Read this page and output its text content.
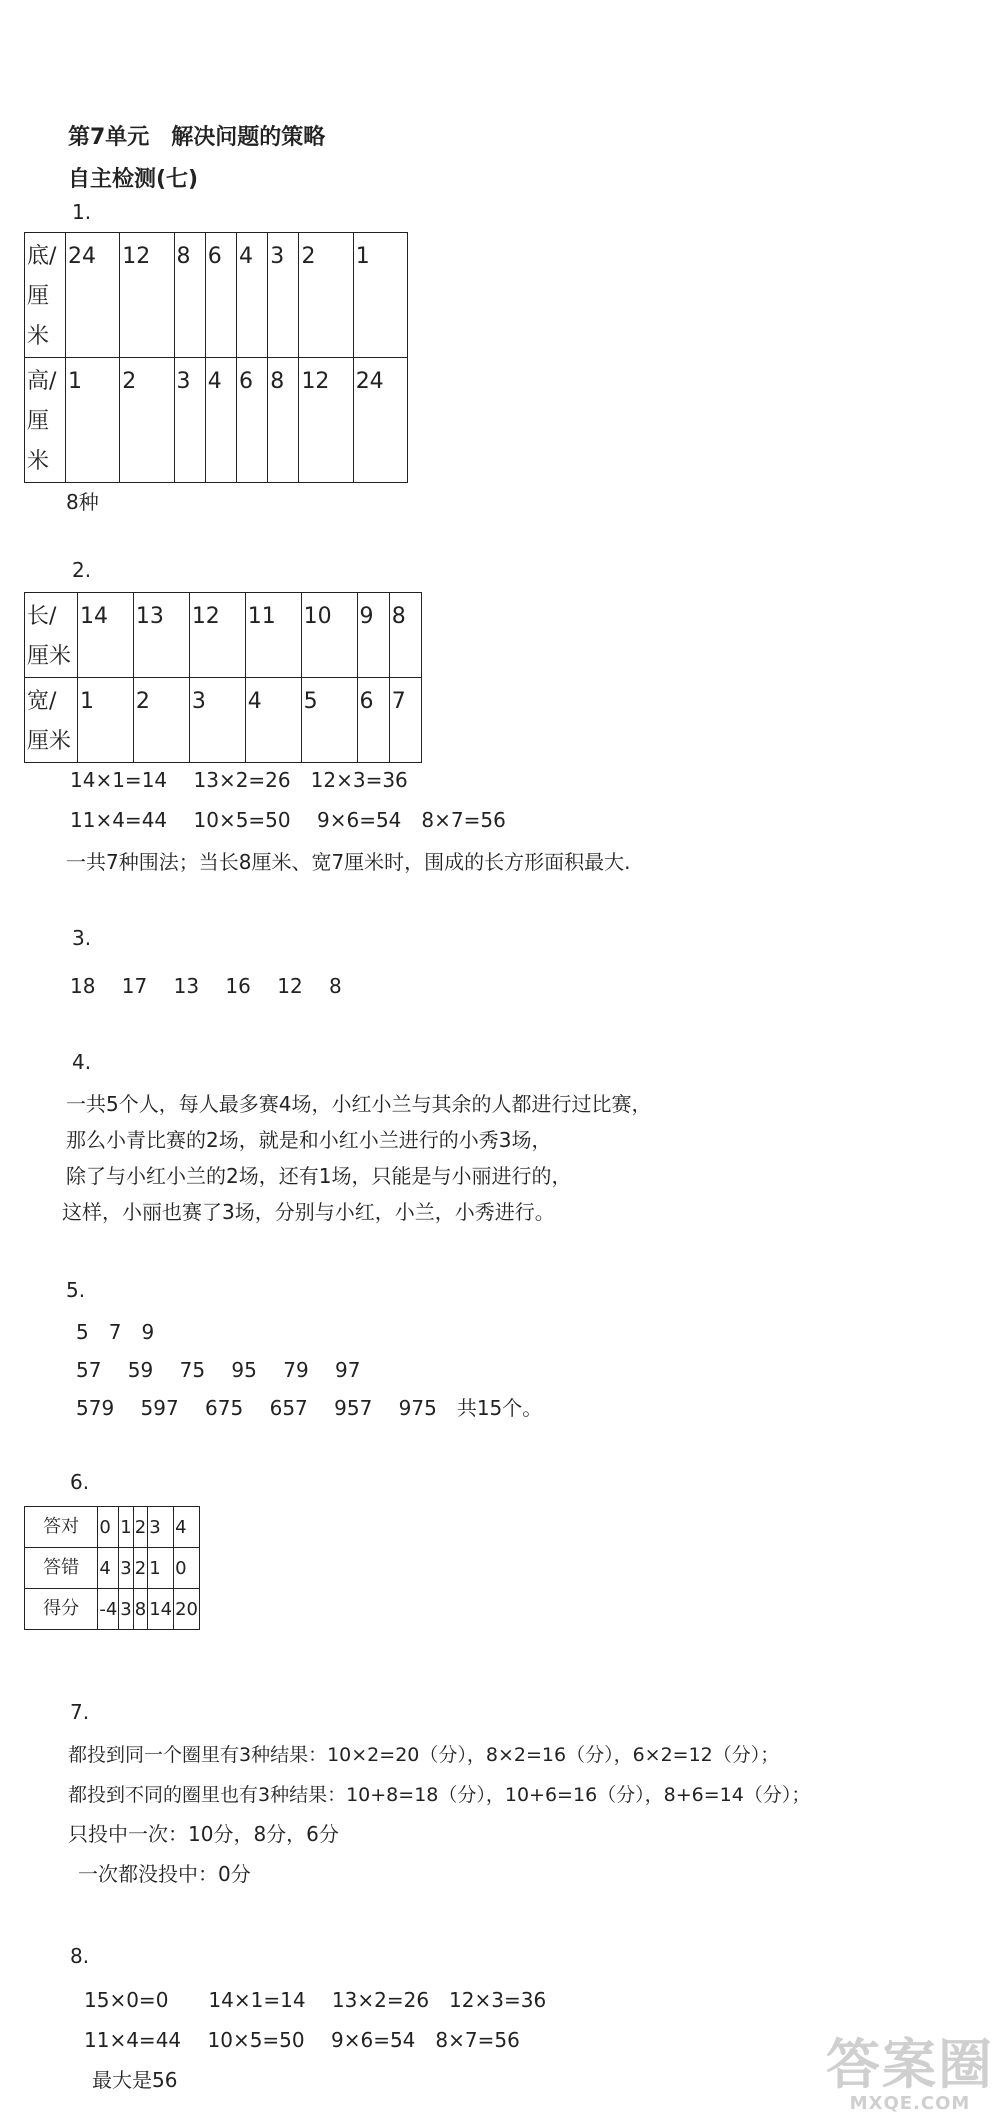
第7单元　解决问题的策略
自主检测(七)
1.
底/厘米	24	12	8	6	4	3	2	1
高/厘米	1	2	3	4	6	8	12	24
8种
2.
长/厘米	14	13	12	11	10	9	8
宽/厘米	1	2	3	4	5	6	7
14×1=14　 13×2=26　12×3=36
11×4=44　 10×5=50　 9×6=54　8×7=56
一共7种围法；当长8厘米、宽7厘米时，围成的长方形面积最大.
3.
18　 17　 13　 16　 12　 8
4.
一共5个人，每人最多赛4场，小红小兰与其余的人都进行过比赛，
那么小青比赛的2场，就是和小红小兰进行的小秀3场，
除了与小红小兰的2场，还有1场，只能是与小丽进行的，
这样，小丽也赛了3场，分别与小红，小兰，小秀进行。
5.
5　7　9
57　 59　 75　 95　 79　 97
579　 597　 675　 657　 957　 975　共15个。
6.
答对	0	1	2	3	4
答错	4	3	2	1	0
得分	-4	3	8	14	20
7.
都投到同一个圈里有3种结果：10×2=20（分），8×2=16（分），6×2=12（分）；
都投到不同的圈里也有3种结果：10+8=18（分），10+6=16（分），8+6=14（分）；
只投中一次：10分，8分，6分
一次都没投中：0分
8.
15×0=0　　14×1=14　 13×2=26　12×3=36
11×4=44　 10×5=50　 9×6=54　8×7=56
最大是56	答案圈
MXQE.COM
